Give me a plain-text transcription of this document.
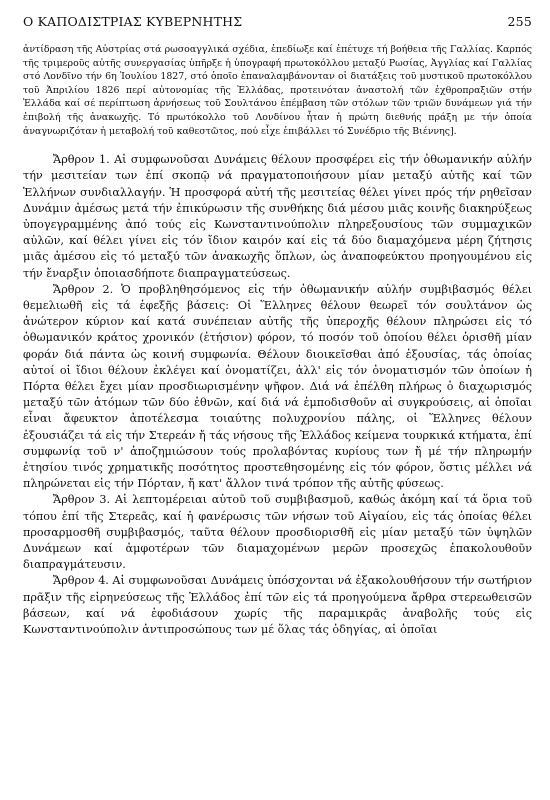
Ο ΚΑΠΟΔΙΣΤΡΙΑΣ ΚΥΒΕΡΝΗΤΗΣ	255

ἀντίδραση τῆς Αὐστρίας στά ρωσοαγγλικά σχέδια, ἐπεδίωξε καί ἐπέτυχε τή βοήθεια τῆς Γαλλίας. Καρπός τῆς τριμεροῦς αὐτῆς συνεργασίας ὑπῆρξε ἡ ὑπογραφή πρωτοκόλλου μεταξύ Ρωσίας, Ἀγγλίας καί Γαλλίας στό Λονδῖνο τήν 6η Ἰουλίου 1827, στό ὁποῖο ἐπαναλαμβάνονταν οἱ διατάξεις τοῦ μυστικοῦ πρωτοκόλλου τοῦ Ἀπριλίου 1826 περί αὐτονομίας τῆς Ἑλλάδας, προτεινόταν ἀναστολή τῶν ἐχθροπραξιῶν στήν Ἑλλάδα καί σέ περίπτωση ἀρνήσεως τοῦ Σουλτάνου ἐπέμβαση τῶν στόλων τῶν τριῶν δυνάμεων γιά τήν ἐπιβολή τῆς ἀνακωχῆς. Τό πρωτόκολλο τοῦ Λονδίνου ἦταν ἡ πρώτη διεθνής πράξη με τήν ὁποία ἀναγνωριζόταν ἡ μεταβολή τοῦ καθεστῶτος, πού εἶχε ἐπιβάλλει τό Συνέδριο τῆς Βιέννης].

Ἄρθρον 1. Αἱ συμφωνοῦσαι Δυνάμεις θέλουν προσφέρει εἰς τήν ὀθωμανικήν αὐλήν τήν μεσιτείαν των ἐπί σκοπῷ νά πραγματοποιήσουν μίαν μεταξύ αὐτῆς καί τῶν Ἑλλήνων συνδιαλλαγήν. Ἡ προσφορά αὐτή τῆς μεσιτείας θέλει γίνει πρός τήν ρηθεῖσαν Δυνάμιν ἀμέσως μετά τήν ἐπικύρωσιν τῆς συνθήκης διά μέσου μιᾶς κοινῆς διακηρύξεως ὑπογεγραμμένης ἀπό τούς εἰς Κωνσταντινούπολιν πληρεξουσίους τῶν συμμαχικῶν αὐλῶν, καί θέλει γίνει εἰς τόν ἴδιον καιρόν καί εἰς τά δύο διαμαχόμενα μέρη ζήτησις μιᾶς ἀμέσου εἰς τό μεταξύ τῶν ἀνακωχῆς ὅπλων, ὡς ἀναποφεύκτου προηγουμένου εἰς τήν ἔναρξιν ὁποιασδήποτε διαπραγματεύσεως.

Ἄρθρον 2. Ὁ προβληθησόμενος εἰς τήν ὀθωμανικήν αὐλήν συμβιβασμός θέλει θεμελιωθῆ εἰς τά ἐφεξῆς βάσεις: Οἱ Ἕλληνες θέλουν θεωρεῖ τόν σουλτάνον ὡς ἀνώτερον κύριον καί κατά συνέπειαν αὐτῆς τῆς ὑπεροχῆς θέλουν πληρώσει εἰς τό ὀθωμανικόν κράτος χρονικόν (ἐτήσιον) φόρον, τό ποσόν τοῦ ὁποίου θέλει ὁρισθῆ μίαν φοράν διά πάντα ὡς κοινή συμφωνία. Θέλουν διοικεῖσθαι ἀπό ἐξουσίας, τάς ὁποίας αὐτοί οἱ ἴδιοι θέλουν ἐκλέγει καί ὀνοματίζει, ἀλλ' εἰς τόν ὀνοματισμόν τῶν ὁποίων ἡ Πόρτα θέλει ἔχει μίαν προσδιωρισμένην ψῆφον. Διά νά ἐπέλθη πλήρως ὁ διαχωρισμός μεταξύ τῶν ἀτόμων τῶν δύο ἐθνῶν, καί διά νά ἐμποδισθοῦν αἱ συγκρούσεις, αἱ ὁποῖαι εἶναι ἄφευκτον ἀποτέλεσμα τοιαύτης πολυχρονίου πάλης, οἱ Ἕλληνες θέλουν ἐξουσιάζει τά εἰς τήν Στερεάν ἤ τάς νήσους τῆς Ἑλλάδος κείμενα τουρκικά κτήματα, ἐπί συμφωνίᾳ τοῦ ν' ἀποζημιώσουν τούς προλαβόντας κυρίους των ἤ μέ τήν πληρωμήν ἐτησίου τινός χρηματικῆς ποσότητος προστεθησομένης εἰς τόν φόρον, ὅστις μέλλει νά πληρώνεται εἰς τήν Πόρταν, ἤ κατ' ἄλλον τινά τρόπον τῆς αὐτῆς φύσεως.

Ἄρθρον 3. Αἱ λεπτομέρειαι αὐτοῦ τοῦ συμβιβασμοῦ, καθώς ἀκόμη καί τά ὅρια τοῦ τόπου ἐπί τῆς Στερεᾶς, καί ἡ φανέρωσις τῶν νήσων τοῦ Αἰγαίου, εἰς τάς ὁποίας θέλει προσαρμοσθῆ συμβιβασμός, ταῦτα θέλουν προσδιορισθῆ εἰς μίαν μεταξύ τῶν ὑψηλῶν Δυνάμεων καί ἀμφοτέρων τῶν διαμαχομένων μερῶν προσεχῶς ἐπακολουθοῦν διαπραγμάτευσιν.

Ἄρθρον 4. Αἱ συμφωνοῦσαι Δυνάμεις ὑπόσχονται νά ἐξακολουθήσουν τήν σωτήριον πρᾶξιν τῆς εἰρηνεύσεως τῆς Ἑλλάδος ἐπί τῶν εἰς τά προηγούμενα ἄρθρα στερεωθεισῶν βάσεων, καί νά ἐφοδιάσουν χωρίς τῆς παραμικρᾶς ἀναβολῆς τούς εἰς Κωνσταντινούπολιν ἀντιπροσώπους των μέ ὅλας τάς ὁδηγίας, αἱ ὁποῖαι
